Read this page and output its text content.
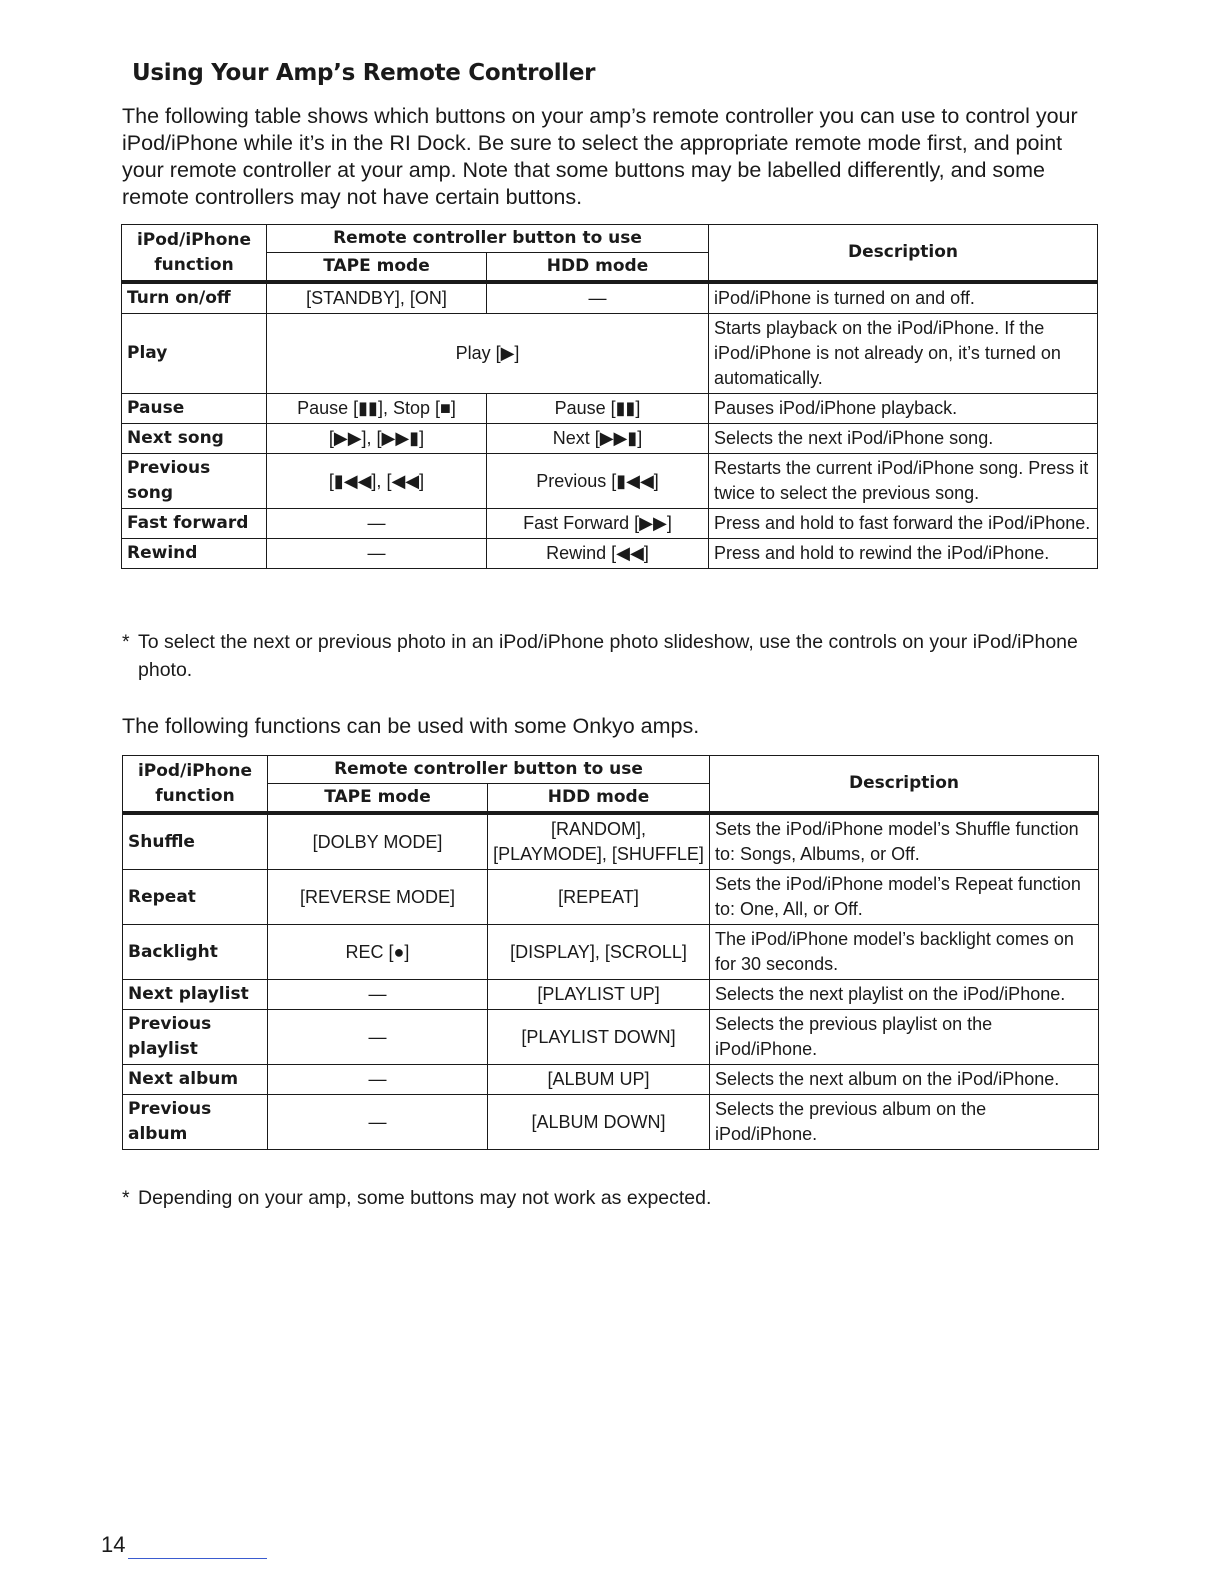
Using Your Amp’s Remote Controller
The following table shows which buttons on your amp’s remote controller you can use to control your iPod/iPhone while it’s in the RI Dock. Be sure to select the appropriate remote mode first, and point your remote controller at your amp. Note that some buttons may be labelled differently, and some remote controllers may not have certain buttons.
iPod/iPhone function	Remote controller button to use		Description
	TAPE mode	HDD mode	
Turn on/off	[STANDBY], [ON]	—	iPod/iPhone is turned on and off.
Play	Play [▶]		Starts playback on the iPod/iPhone. If the iPod/iPhone is not already on, it’s turned on automatically.
Pause	Pause [▮▮], Stop [■]	Pause [▮▮]	Pauses iPod/iPhone playback.
Next song	[▶▶], [▶▶▮]	Next [▶▶▮]	Selects the next iPod/iPhone song.
Previous song	[▮◀◀], [◀◀]	Previous [▮◀◀]	Restarts the current iPod/iPhone song. Press it twice to select the previous song.
Fast forward	—	Fast Forward [▶▶]	Press and hold to fast forward the iPod/iPhone.
Rewind	—	Rewind [◀◀]	Press and hold to rewind the iPod/iPhone.
* To select the next or previous photo in an iPod/iPhone photo slideshow, use the controls on your iPod/iPhone
photo.
The following functions can be used with some Onkyo amps.
iPod/iPhone function	Remote controller button to use		Description
	TAPE mode	HDD mode	
Shuffle	[DOLBY MODE]	[RANDOM], [PLAYMODE], [SHUFFLE]	Sets the iPod/iPhone model’s Shuffle function to: Songs, Albums, or Off.
Repeat	[REVERSE MODE]	[REPEAT]	Sets the iPod/iPhone model’s Repeat function to: One, All, or Off.
Backlight	REC [●]	[DISPLAY], [SCROLL]	The iPod/iPhone model’s backlight comes on for 30 seconds.
Next playlist	—	[PLAYLIST UP]	Selects the next playlist on the iPod/iPhone.
Previous playlist	—	[PLAYLIST DOWN]	Selects the previous playlist on the iPod/iPhone.
Next album	—	[ALBUM UP]	Selects the next album on the iPod/iPhone.
Previous album	—	[ALBUM DOWN]	Selects the previous album on the iPod/iPhone.
* Depending on your amp, some buttons may not work as expected.
14
